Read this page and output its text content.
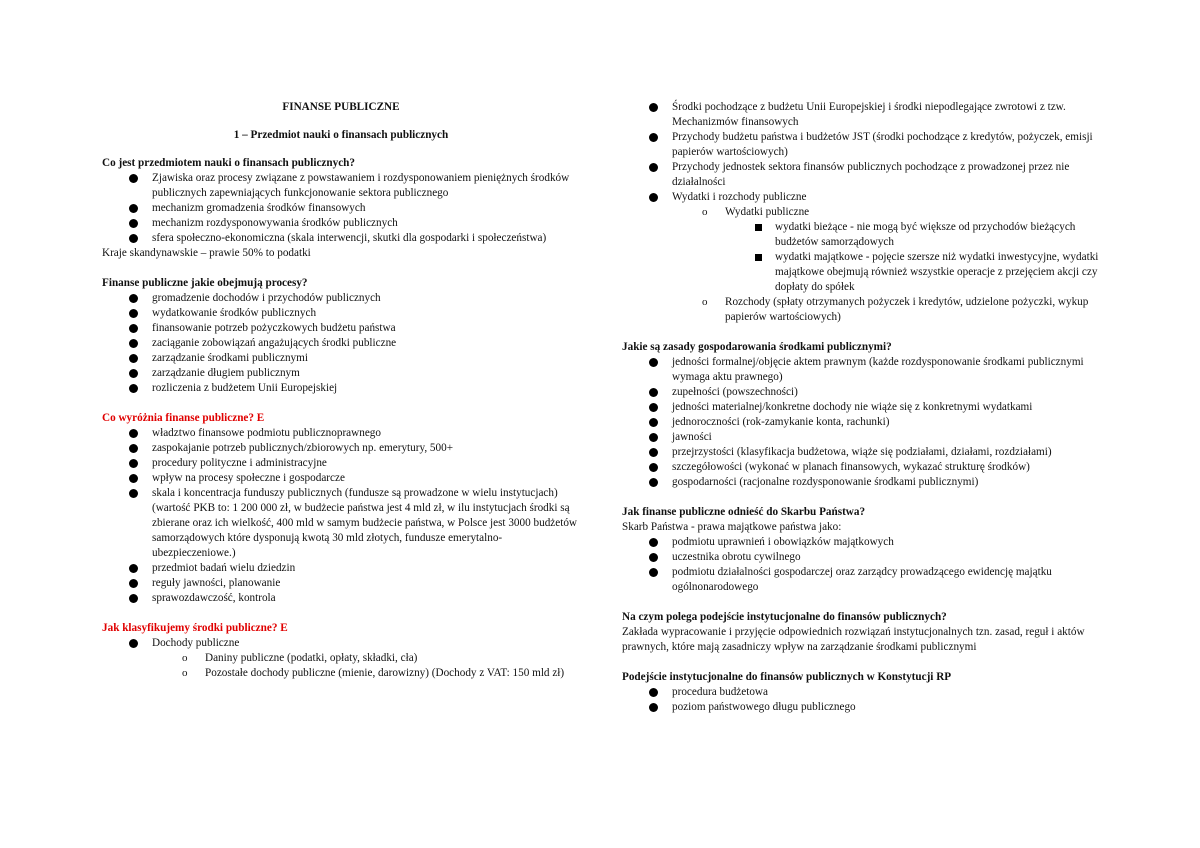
FINANSE PUBLICZNE

1 – Przedmiot nauki o finansach publicznych

Co jest przedmiotem nauki o finansach publicznych?

Zjawiska oraz procesy związane z powstawaniem i rozdysponowaniem pieniężnych środków publicznych zapewniających funkcjonowanie sektora publicznego
mechanizm gromadzenia środków finansowych
mechanizm rozdysponowywania środków publicznych
sfera społeczno-ekonomiczna (skala interwencji, skutki dla gospodarki i społeczeństwa)

Kraje skandynawskie – prawie 50% to podatki

Finanse publiczne jakie obejmują procesy?

gromadzenie dochodów i przychodów publicznych
wydatkowanie środków publicznych
finansowanie potrzeb pożyczkowych budżetu państwa
zaciąganie zobowiązań angażujących środki publiczne
zarządzanie środkami publicznymi
zarządzanie długiem publicznym
rozliczenia z budżetem Unii Europejskiej

Co wyróżnia finanse publiczne? E

władztwo finansowe podmiotu publicznoprawnego
zaspokajanie potrzeb publicznych/zbiorowych np. emerytury, 500+
procedury polityczne i administracyjne
wpływ na procesy społeczne i gospodarcze
skala i koncentracja funduszy publicznych (fundusze są prowadzone w wielu instytucjach) (wartość PKB to: 1 200 000 zł, w budżecie państwa jest 4 mld zł, w ilu instytucjach środki są zbierane oraz ich wielkość, 400 mld w samym budżecie państwa, w Polsce jest 3000 budżetów samorządowych które dysponują kwotą 30 mld złotych, fundusze emerytalno-ubezpieczeniowe.)
przedmiot badań wielu dziedzin
reguły jawności, planowanie
sprawozdawczość, kontrola

Jak klasyfikujemy środki publiczne? E

Dochody publiczne
o Daniny publiczne (podatki, opłaty, składki, cła)
o Pozostałe dochody publiczne (mienie, darowizny) (Dochody z VAT: 150 mld zł)
Środki pochodzące z budżetu Unii Europejskiej i środki niepodlegające zwrotowi z tzw. Mechanizmów finansowych
Przychody budżetu państwa i budżetów JST (środki pochodzące z kredytów, pożyczek, emisji papierów wartościowych)
Przychody jednostek sektora finansów publicznych pochodzące z prowadzonej przez nie działalności
Wydatki i rozchody publiczne
o Wydatki publiczne
wydatki bieżące - nie mogą być większe od przychodów bieżących budżetów samorządowych
wydatki majątkowe - pojęcie szersze niż wydatki inwestycyjne, wydatki majątkowe obejmują również wszystkie operacje z przejęciem akcji czy dopłaty do spółek
o Rozchody (spłaty otrzymanych pożyczek i kredytów, udzielone pożyczki, wykup papierów wartościowych)

Jakie są zasady gospodarowania środkami publicznymi?

jedności formalnej/objęcie aktem prawnym (każde rozdysponowanie środkami publicznymi wymaga aktu prawnego)
zupełności (powszechności)
jedności materialnej/konkretne dochody nie wiąże się z konkretnymi wydatkami
jednoroczności (rok-zamykanie konta, rachunki)
jawności
przejrzystości (klasyfikacja budżetowa, wiąże się podziałami, działami, rozdziałami)
szczegółowości (wykonać w planach finansowych, wykazać strukturę środków)
gospodarności (racjonalne rozdysponowanie środkami publicznymi)

Jak finanse publiczne odnieść do Skarbu Państwa?

Skarb Państwa - prawa majątkowe państwa jako:

podmiotu uprawnień i obowiązków majątkowych
uczestnika obrotu cywilnego
podmiotu działalności gospodarczej oraz zarządcy prowadzącego ewidencję majątku ogólnonarodowego

Na czym polega podejście instytucjonalne do finansów publicznych?

Zakłada wypracowanie i przyjęcie odpowiednich rozwiązań instytucjonalnych tzn. zasad, reguł i aktów prawnych, które mają zasadniczy wpływ na zarządzanie środkami publicznymi

Podejście instytucjonalne do finansów publicznych w Konstytucji RP

procedura budżetowa
poziom państwowego długu publicznego
